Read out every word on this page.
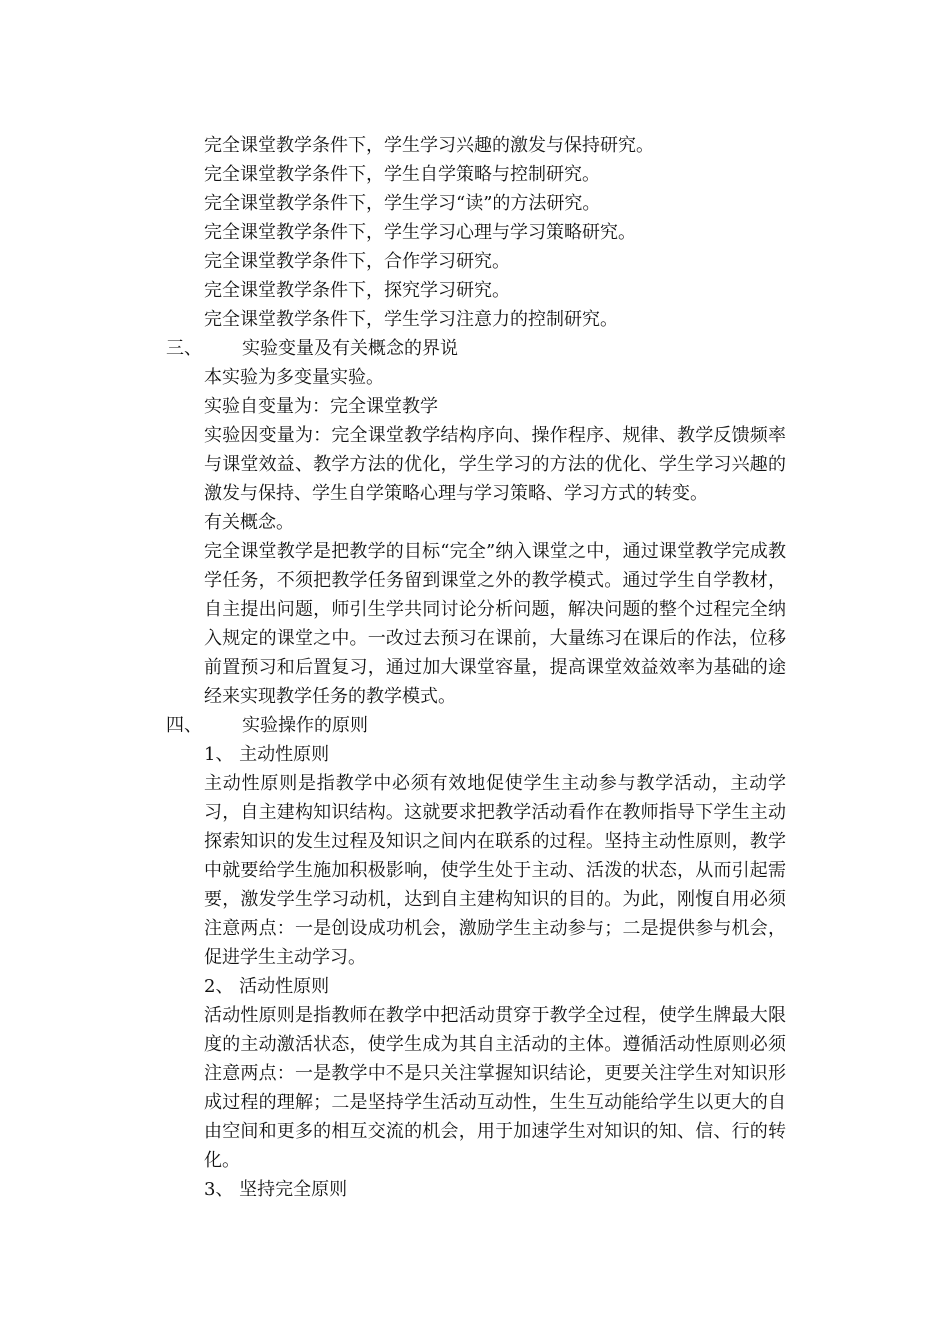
完全课堂教学条件下，学生学习兴趣的激发与保持研究。
完全课堂教学条件下，学生自学策略与控制研究。
完全课堂教学条件下，学生学习“读”的方法研究。
完全课堂教学条件下，学生学习心理与学习策略研究。
完全课堂教学条件下，合作学习研究。
完全课堂教学条件下，探究学习研究。
完全课堂教学条件下，学生学习注意力的控制研究。
三、 实验变量及有关概念的界说
本实验为多变量实验。
实验自变量为：完全课堂教学
实验因变量为：完全课堂教学结构序向、操作程序、规律、教学反馈频率与课堂效益、教学方法的优化，学生学习的方法的优化、学生学习兴趣的激发与保持、学生自学策略心理与学习策略、学习方式的转变。
有关概念。
完全课堂教学是把教学的目标“完全”纳入课堂之中，通过课堂教学完成教学任务，不须把教学任务留到课堂之外的教学模式。通过学生自学教材，自主提出问题，师引生学共同讨论分析问题，解决问题的整个过程完全纳入规定的课堂之中。一改过去预习在课前，大量练习在课后的作法，位移前置预习和后置复习，通过加大课堂容量，提高课堂效益效率为基础的途经来实现教学任务的教学模式。
四、 实验操作的原则
1、 主动性原则
主动性原则是指教学中必须有效地促使学生主动参与教学活动，主动学习，自主建构知识结构。这就要求把教学活动看作在教师指导下学生主动探索知识的发生过程及知识之间内在联系的过程。坚持主动性原则，教学中就要给学生施加积极影响，使学生处于主动、活泼的状态，从而引起需要，激发学生学习动机，达到自主建构知识的目的。为此，刚愎自用必须注意两点：一是创设成功机会，激励学生主动参与；二是提供参与机会，促进学生主动学习。
2、 活动性原则
活动性原则是指教师在教学中把活动贯穿于教学全过程，使学生牌最大限度的主动激活状态，使学生成为其自主活动的主体。遵循活动性原则必须注意两点：一是教学中不是只关注掌握知识结论，更要关注学生对知识形成过程的理解；二是坚持学生活动互动性，生生互动能给学生以更大的自由空间和更多的相互交流的机会，用于加速学生对知识的知、信、行的转化。
3、 坚持完全原则
